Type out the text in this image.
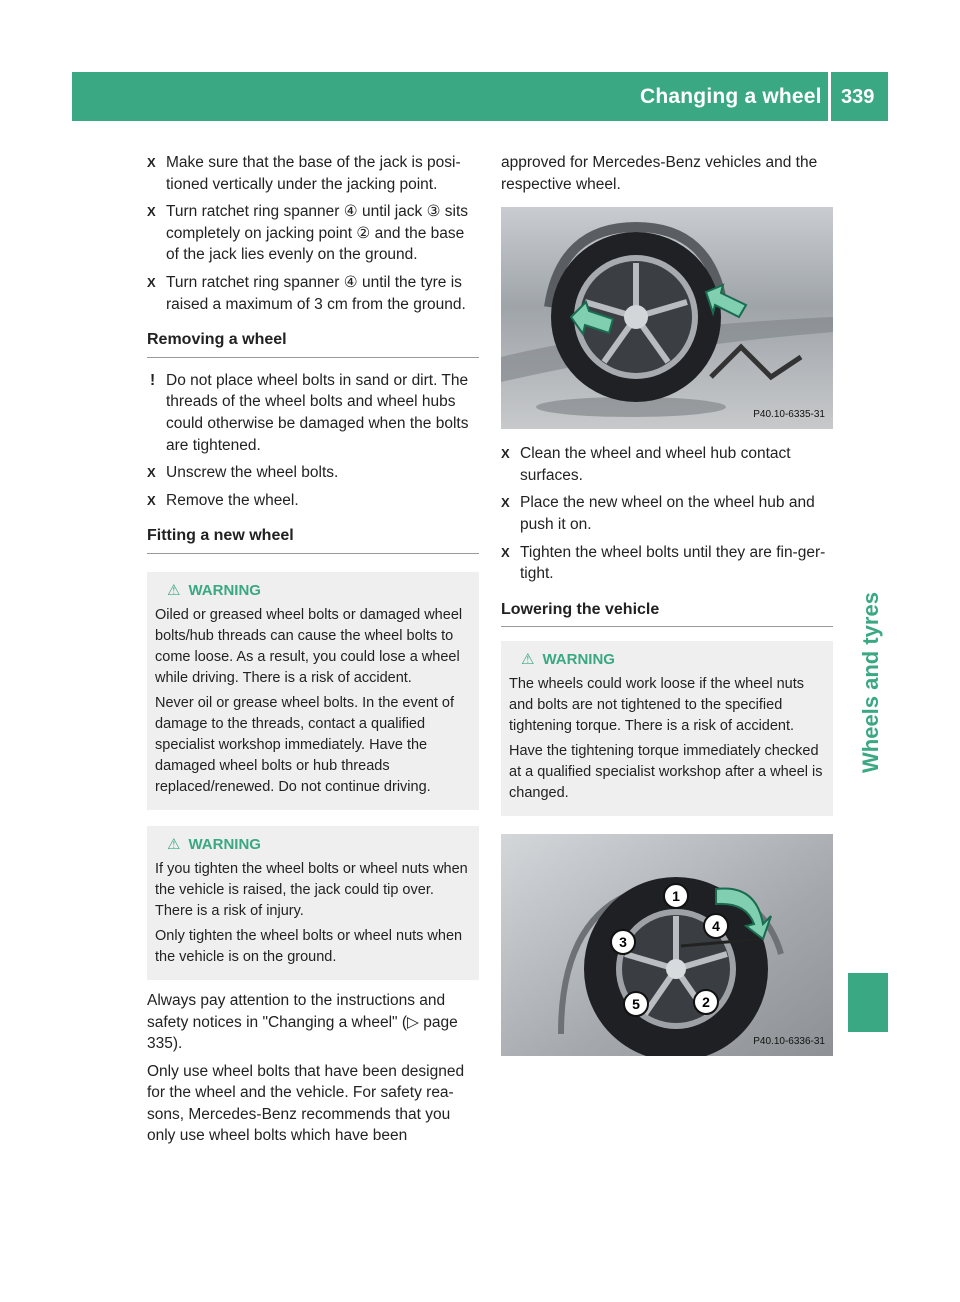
Changing a wheel 339
Wheels and tyres
X Make sure that the base of the jack is posi-tioned vertically under the jacking point.
X Turn ratchet ring spanner ④ until jack ③ sits completely on jacking point ② and the base of the jack lies evenly on the ground.
X Turn ratchet ring spanner ④ until the tyre is raised a maximum of 3 cm from the ground.
Removing a wheel
! Do not place wheel bolts in sand or dirt. The threads of the wheel bolts and wheel hubs could otherwise be damaged when the bolts are tightened.
X Unscrew the wheel bolts.
X Remove the wheel.
Fitting a new wheel
⚠ WARNING

Oiled or greased wheel bolts or damaged wheel bolts/hub threads can cause the wheel bolts to come loose. As a result, you could lose a wheel while driving. There is a risk of accident.

Never oil or grease wheel bolts. In the event of damage to the threads, contact a qualified specialist workshop immediately. Have the damaged wheel bolts or hub threads replaced/renewed. Do not continue driving.

⚠ WARNING

If you tighten the wheel bolts or wheel nuts when the vehicle is raised, the jack could tip over. There is a risk of injury.

Only tighten the wheel bolts or wheel nuts when the vehicle is on the ground.

Always pay attention to the instructions and safety notices in "Changing a wheel" (▷ page 335).

Only use wheel bolts that have been designed for the wheel and the vehicle. For safety rea-sons, Mercedes-Benz recommends that you only use wheel bolts which have been

approved for Mercedes-Benz vehicles and the respective wheel.

P40.10-6335-31
X Clean the wheel and wheel hub contact surfaces.
X Place the new wheel on the wheel hub and push it on.
X Tighten the wheel bolts until they are fin-ger-tight.
Lowering the vehicle
⚠ WARNING

The wheels could work loose if the wheel nuts and bolts are not tightened to the specified tightening torque. There is a risk of accident.

Have the tightening torque immediately checked at a qualified specialist workshop after a wheel is changed.

1
2
3
4
5
P40.10-6336-31
